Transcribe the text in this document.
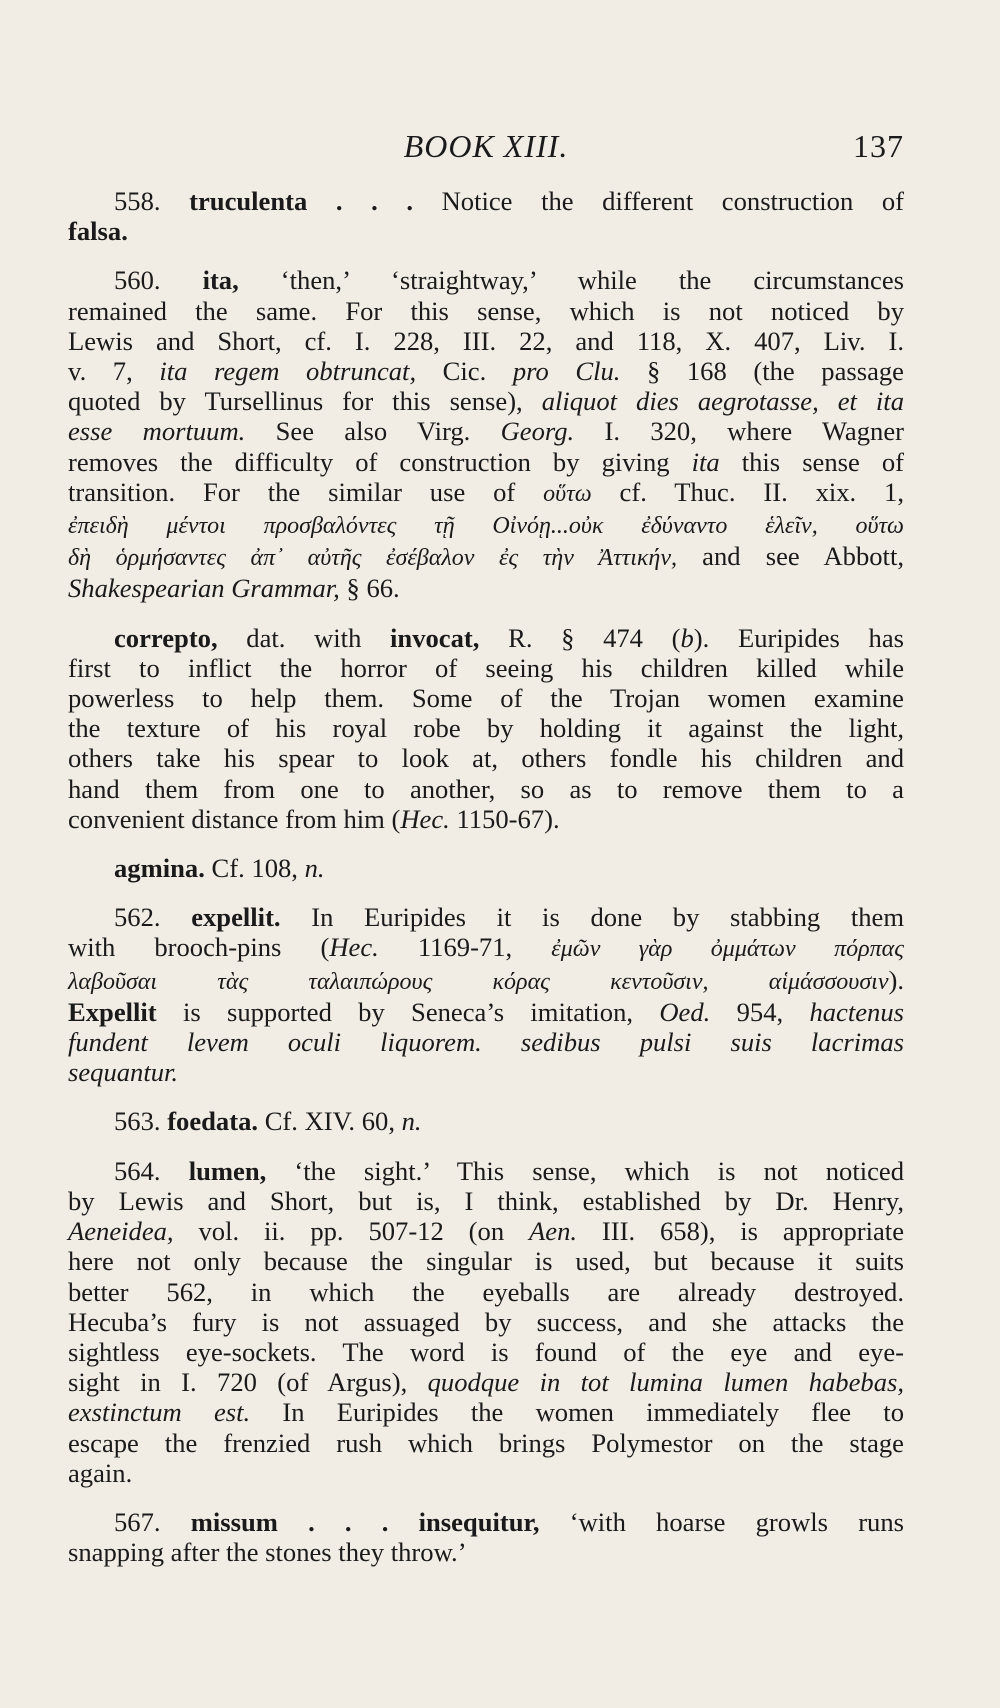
BOOK XIII.	137
558. truculenta . . . Notice the different construction of
falsa.
560. ita, ‘then,’ ‘straightway,’ while the circumstances
remained the same. For this sense, which is not noticed by
Lewis and Short, cf. I. 228, III. 22, and 118, X. 407, Liv. I.
v. 7, ita regem obtruncat, Cic. pro Clu. § 168 (the passage
quoted by Tursellinus for this sense), aliquot dies aegrotasse, et ita
esse mortuum. See also Virg. Georg. I. 320, where Wagner
removes the difficulty of construction by giving ita this sense of
transition. For the similar use of οὕτω cf. Thuc. II. xix. 1,
ἐπειδὴ μέντοι προσβαλόντες τῇ Οἰνόῃ...οὐκ ἐδύναντο ἑλεῖν, οὕτω
δὴ ὁρμήσαντες ἀπ᾽ αὐτῆς ἐσέβαλον ἐς τὴν Ἀττικήν, and see Abbott,
Shakespearian Grammar, § 66.
correpto, dat. with invocat, R. § 474 (b). Euripides has
first to inflict the horror of seeing his children killed while
powerless to help them. Some of the Trojan women examine
the texture of his royal robe by holding it against the light,
others take his spear to look at, others fondle his children and
hand them from one to another, so as to remove them to a
convenient distance from him (Hec. 1150-67).
agmina. Cf. 108, n.
562. expellit. In Euripides it is done by stabbing them
with brooch-pins (Hec. 1169-71, ἐμῶν γὰρ ὀμμάτων πόρπας
λαβοῦσαι τὰς ταλαιπώρους κόρας κεντοῦσιν, αἱμάσσουσιν).
Expellit is supported by Seneca’s imitation, Oed. 954, hactenus
fundent levem oculi liquorem. sedibus pulsi suis lacrimas
sequantur.
563. foedata. Cf. XIV. 60, n.
564. lumen, ‘the sight.’ This sense, which is not noticed
by Lewis and Short, but is, I think, established by Dr. Henry,
Aeneidea, vol. ii. pp. 507-12 (on Aen. III. 658), is appropriate
here not only because the singular is used, but because it suits
better 562, in which the eyeballs are already destroyed.
Hecuba’s fury is not assuaged by success, and she attacks the
sightless eye-sockets. The word is found of the eye and eye-
sight in I. 720 (of Argus), quodque in tot lumina lumen habebas,
exstinctum est. In Euripides the women immediately flee to
escape the frenzied rush which brings Polymestor on the stage
again.
567. missum . . . insequitur, ‘with hoarse growls runs
snapping after the stones they throw.’
